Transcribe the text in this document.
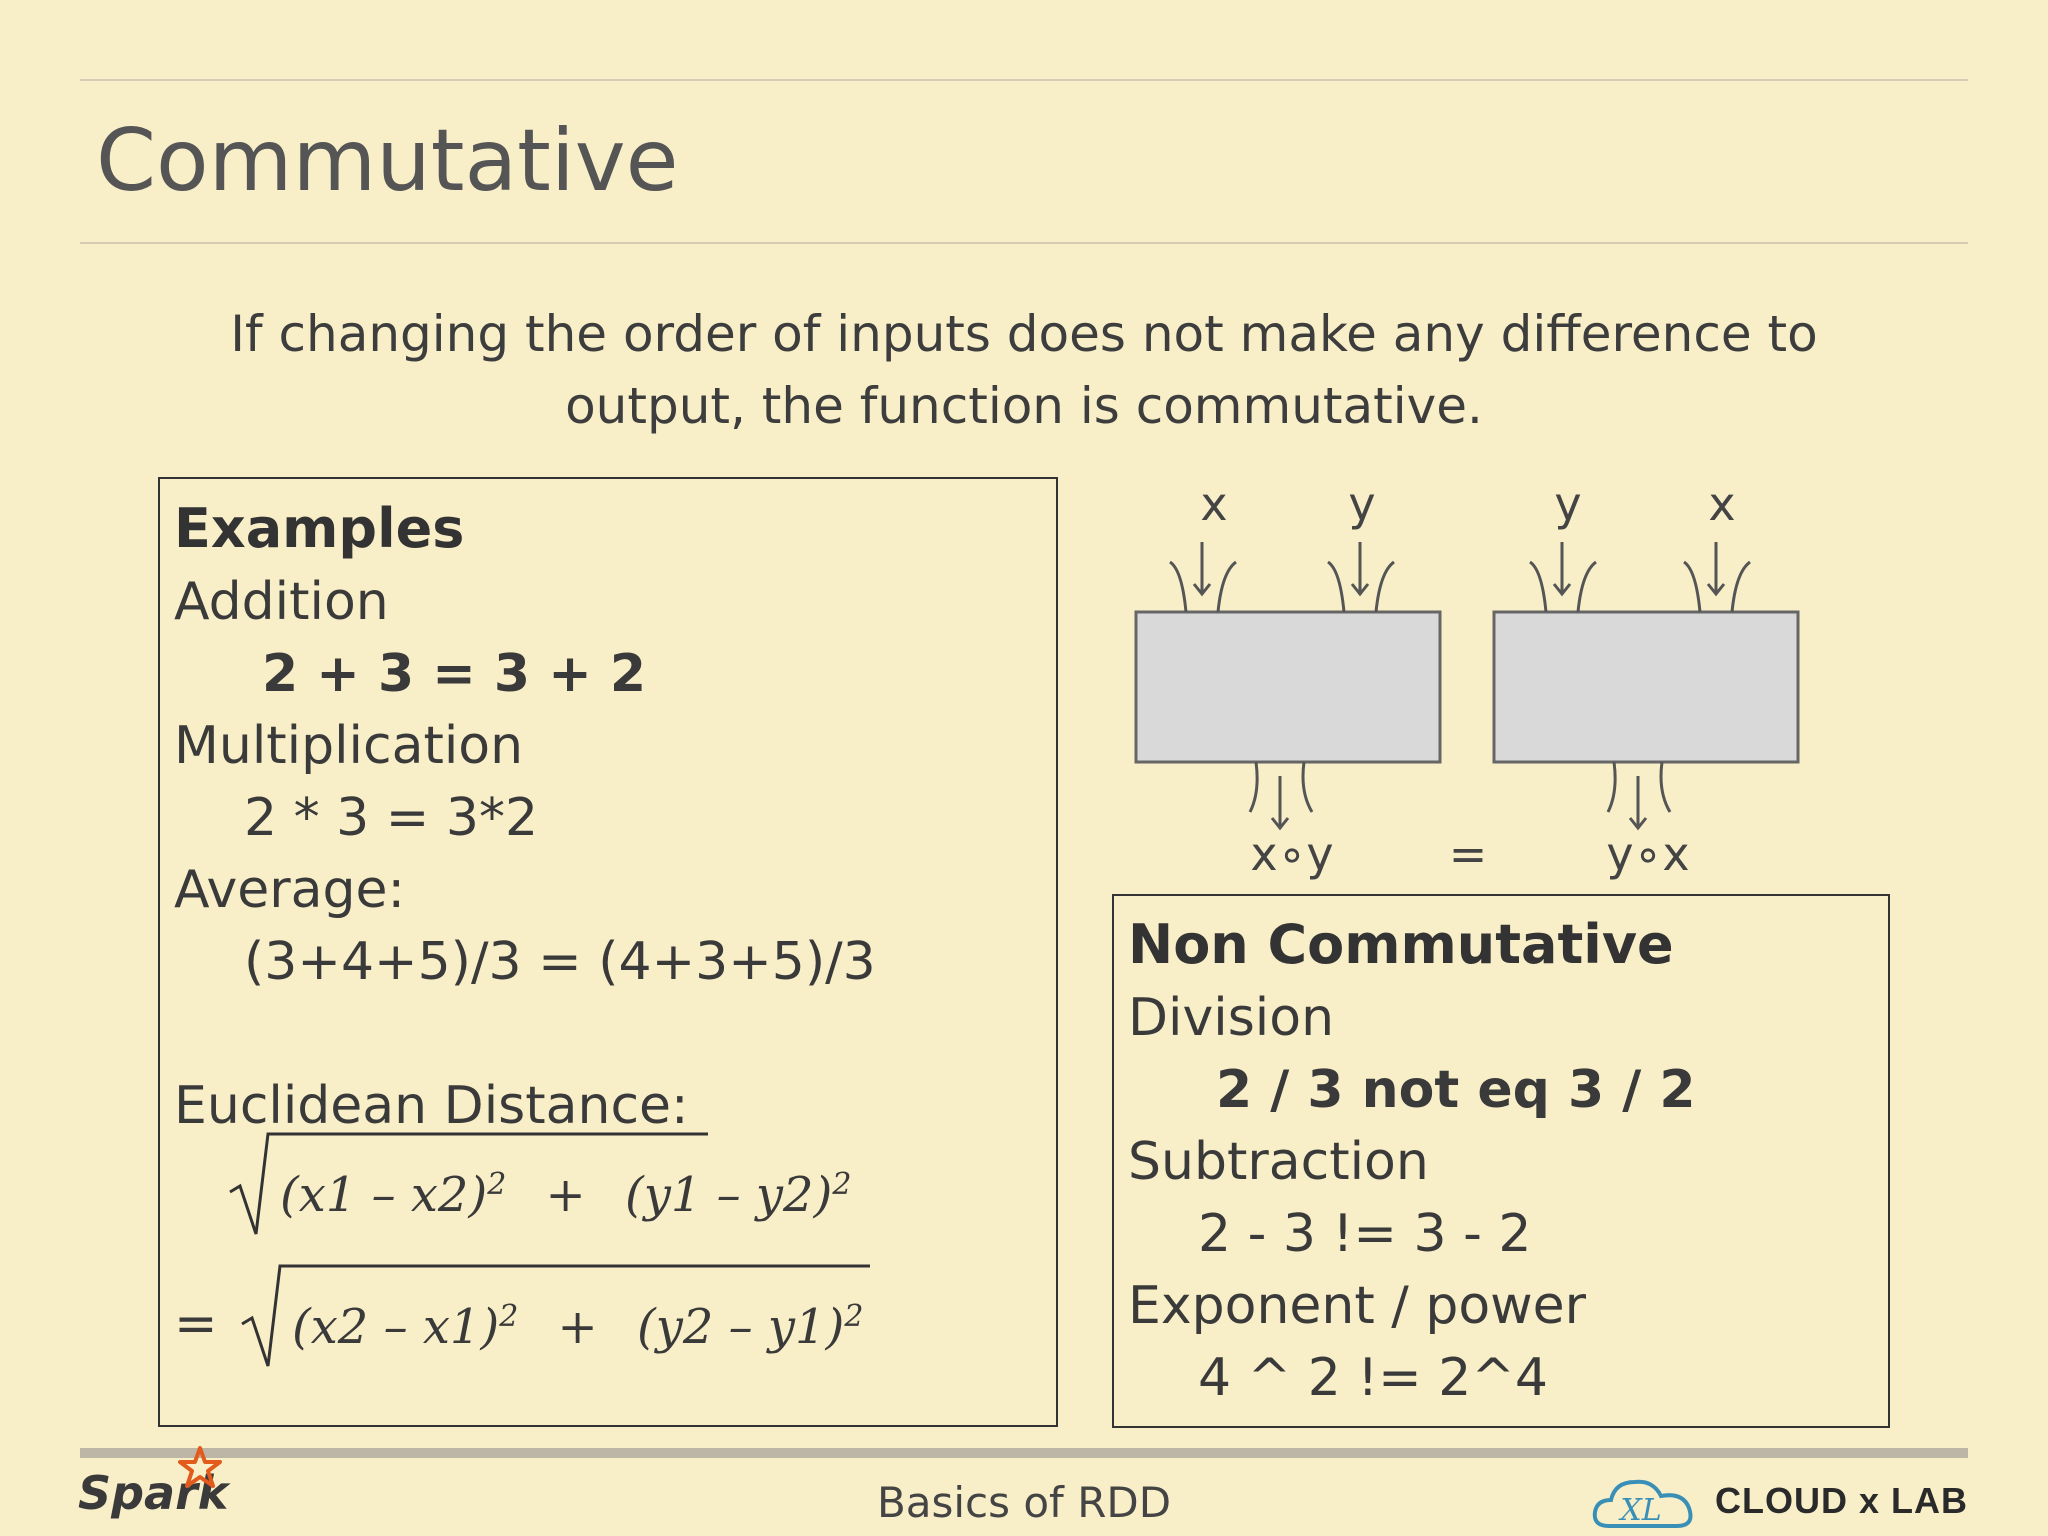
Commutative
If changing the order of inputs does not make any difference to
output, the function is commutative.
Examples
Addition
2 + 3 = 3 + 2
Multiplication
2 * 3 = 3*2
Average:
(3+4+5)/3 = (4+3+5)/3
Euclidean Distance:
(x1 – x2)$^2$ + (y1 – y2)$^2$
= (x2 – x1)$^2$ + (y2 – y1)$^2$
x	y	y	x
x∘y	=	y∘x
Non Commutative
Division
2 / 3 not eq 3 / 2
Subtraction
2 - 3 != 3 - 2
Exponent / power
4 ^ 2 != 2^4
Spark	Basics of RDD	XL CLOUD x LAB
